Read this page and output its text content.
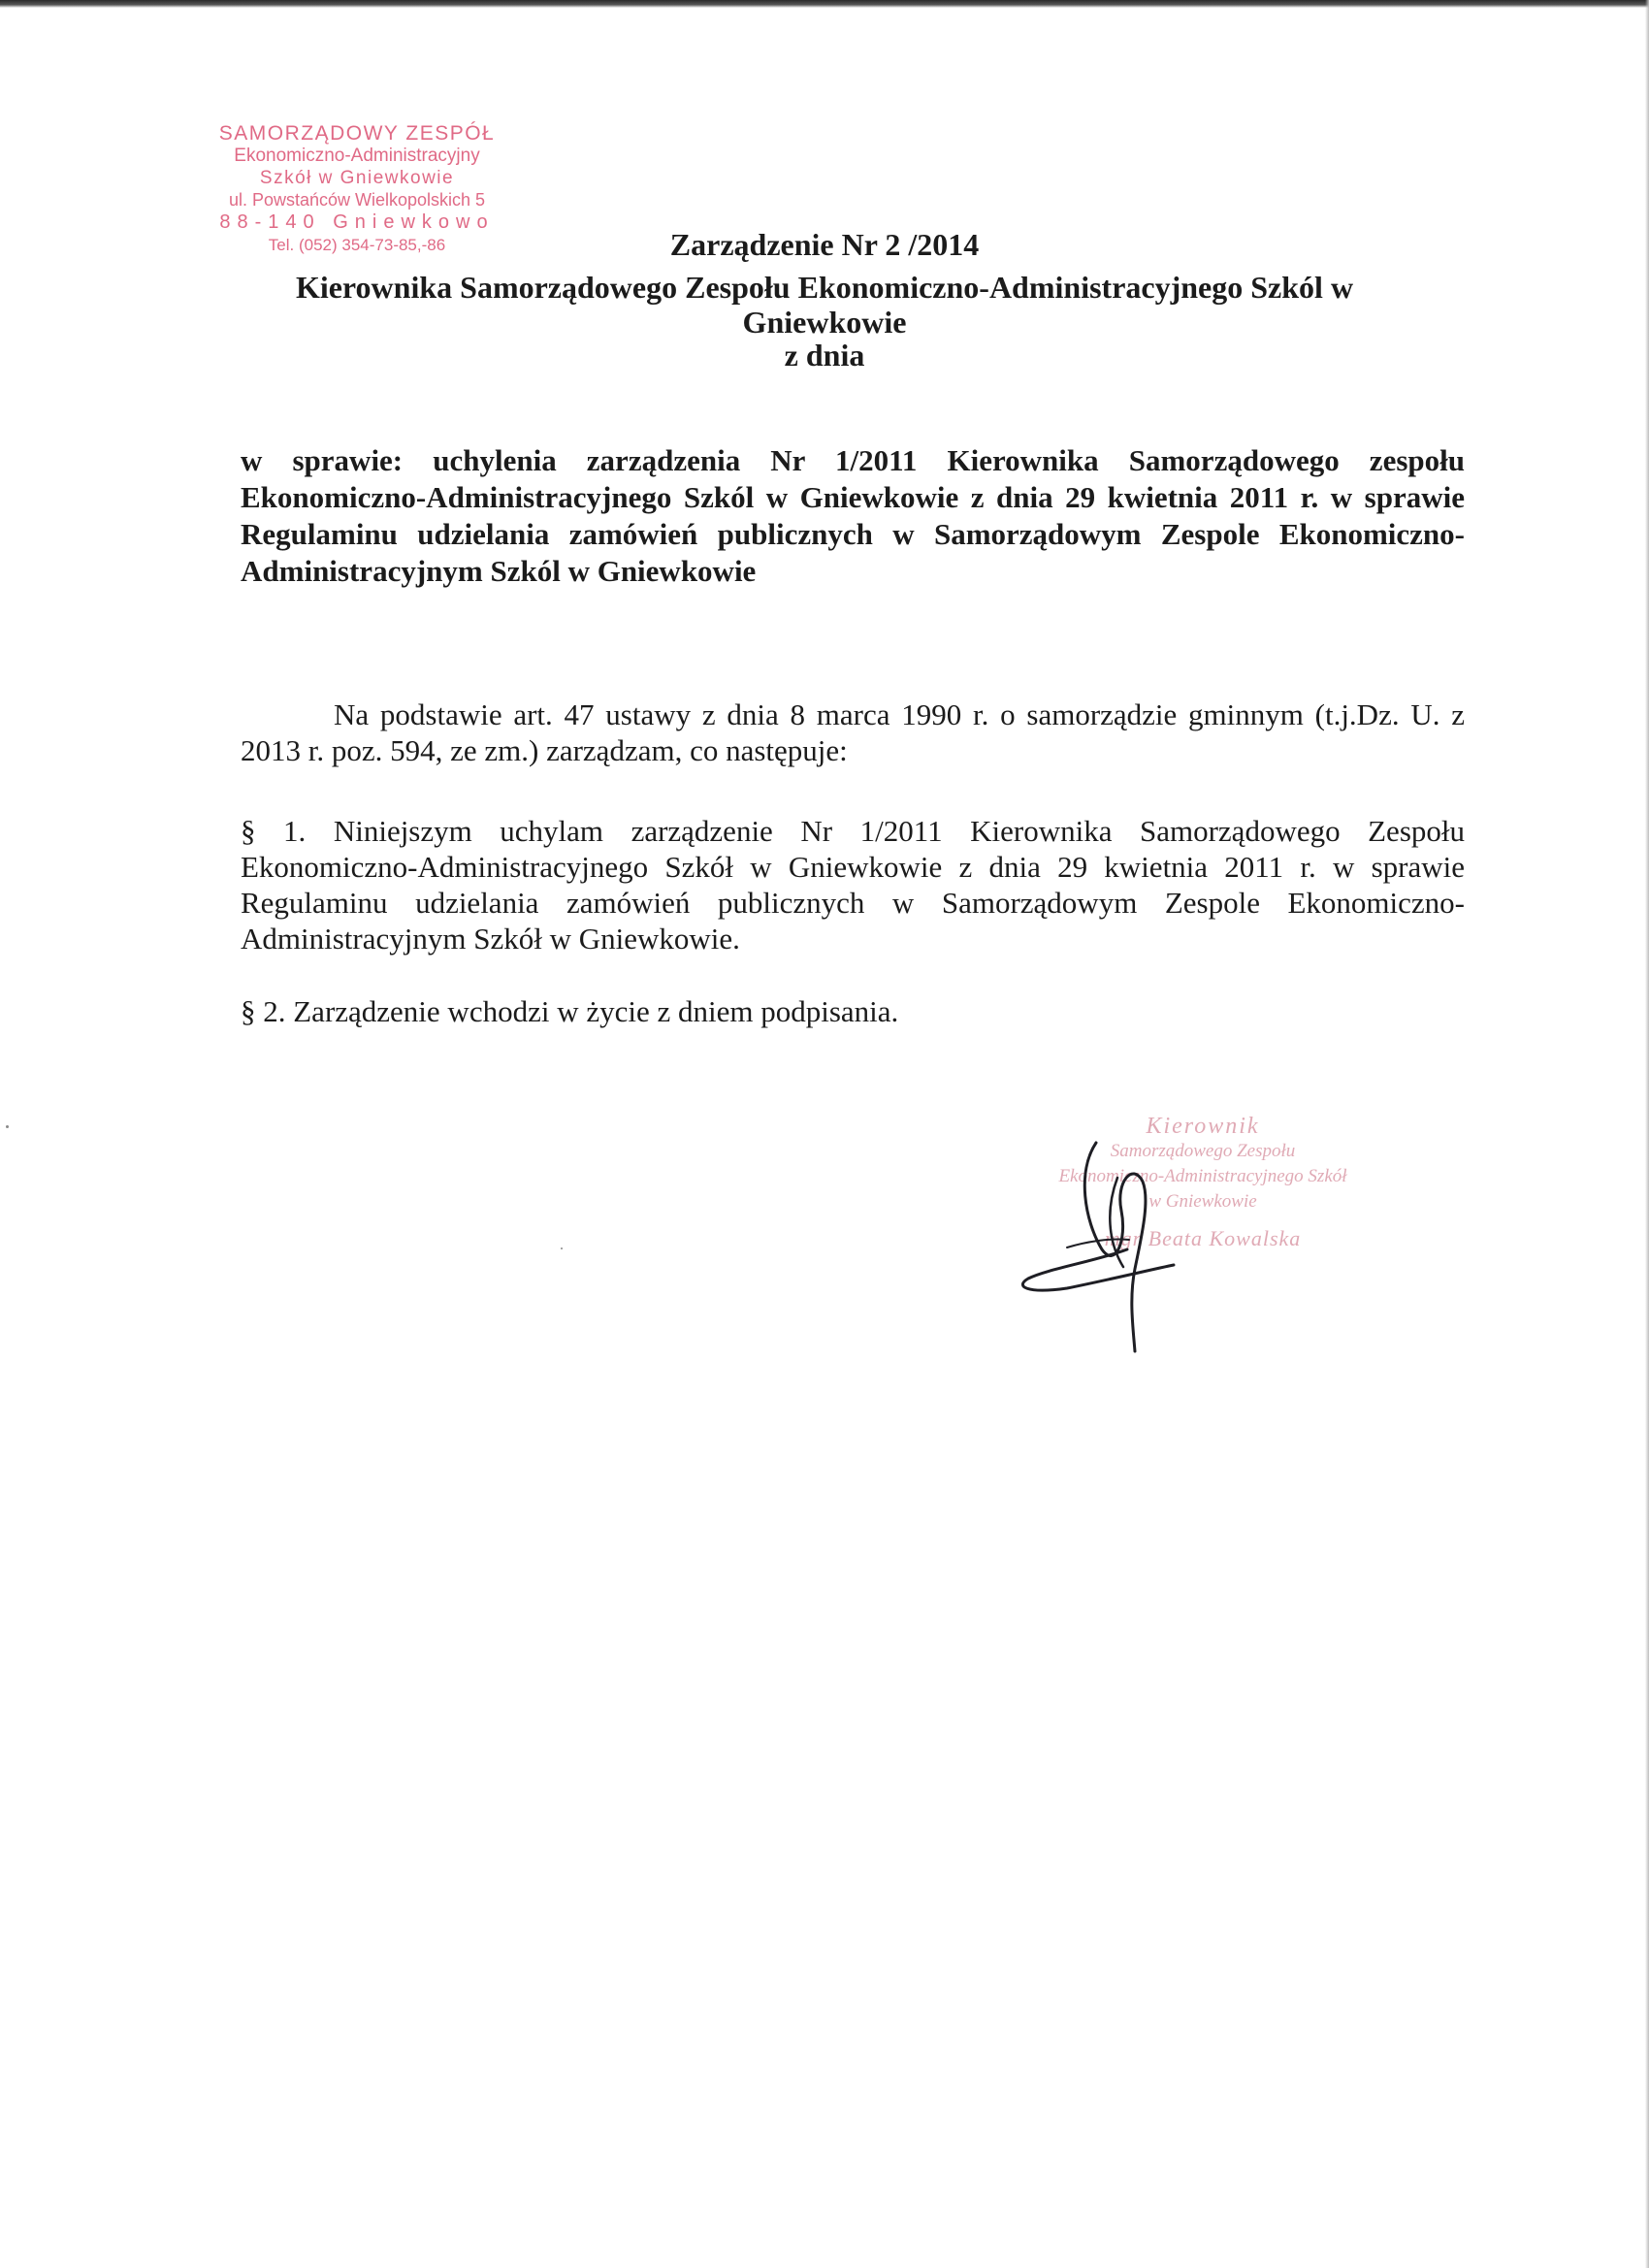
SAMORZĄDOWY ZESPÓŁ
Ekonomiczno-Administracyjny
Szkół w Gniewkowie
ul. Powstańców Wielkopolskich 5
88-140 Gniewkowo
Tel. (052) 354-73-85,-86	Zarządzenie Nr 2 /2014
Kierownika Samorządowego Zespołu Ekonomiczno-Administracyjnego Szkól w
Gniewkowie
z dnia
w sprawie: uchylenia zarządzenia Nr 1/2011 Kierownika Samorządowego zespołu Ekonomiczno-Administracyjnego Szkól w Gniewkowie z dnia 29 kwietnia 2011 r. w sprawie Regulaminu udzielania zamówień publicznych w Samorządowym Zespole Ekonomiczno-Administracyjnym Szkól w Gniewkowie
Na podstawie art. 47 ustawy z dnia 8 marca 1990 r. o samorządzie gminnym (t.j.Dz. U. z 2013 r. poz. 594, ze zm.) zarządzam, co następuje:
§ 1. Niniejszym uchylam zarządzenie Nr 1/2011 Kierownika Samorządowego Zespołu Ekonomiczno-Administracyjnego Szkół w Gniewkowie z dnia 29 kwietnia 2011 r. w sprawie Regulaminu udzielania zamówień publicznych w Samorządowym Zespole Ekonomiczno-Administracyjnym Szkół w Gniewkowie.
§ 2. Zarządzenie wchodzi w życie z dniem podpisania.
Kierownik
Samorządowego Zespołu
Ekonomiczno-Administracyjnego Szkół
w Gniewkowie
mgr Beata Kowalska
